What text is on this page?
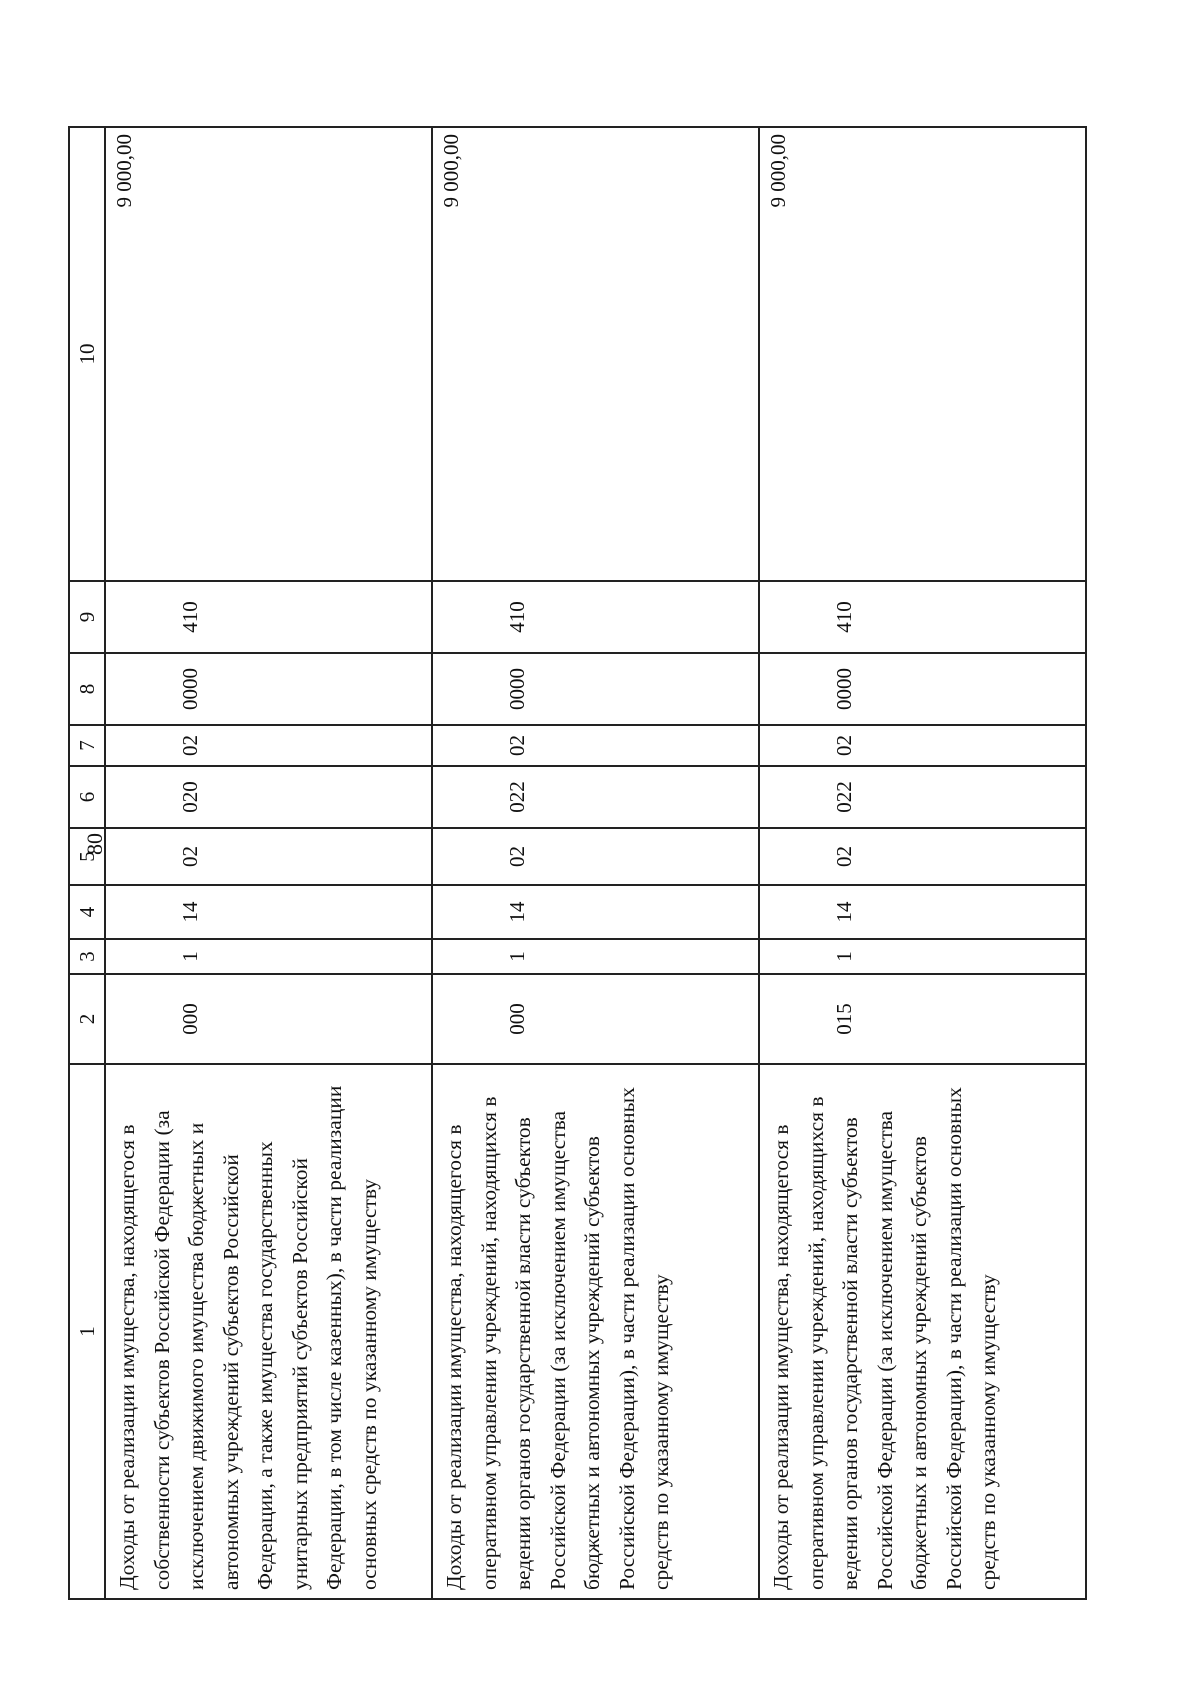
80
1	2	3	4	5	6	7	8	9	10
Доходы от реализации имущества, находящегося в собственности субъектов Российской Федерации (за исключением движимого имущества бюджетных и автономных учреждений субъектов Российской Федерации, а также имущества государственных унитарных предприятий субъектов Российской Федерации, в том числе казенных), в части реализации основных средств по указанному имуществу	000	1	14	02	020	02	0000	410	9 000,00
Доходы от реализации имущества, находящегося в оперативном управлении учреждений, находящихся в ведении органов государственной власти субъектов Российской Федерации (за исключением имущества бюджетных и автономных учреждений субъектов Российской Федерации), в части реализации основных средств по указанному имуществу	000	1	14	02	022	02	0000	410	9 000,00
Доходы от реализации имущества, находящегося в оперативном управлении учреждений, находящихся в ведении органов государственной власти субъектов Российской Федерации (за исключением имущества бюджетных и автономных учреждений субъектов Российской Федерации), в части реализации основных средств по указанному имуществу	015	1	14	02	022	02	0000	410	9 000,00
